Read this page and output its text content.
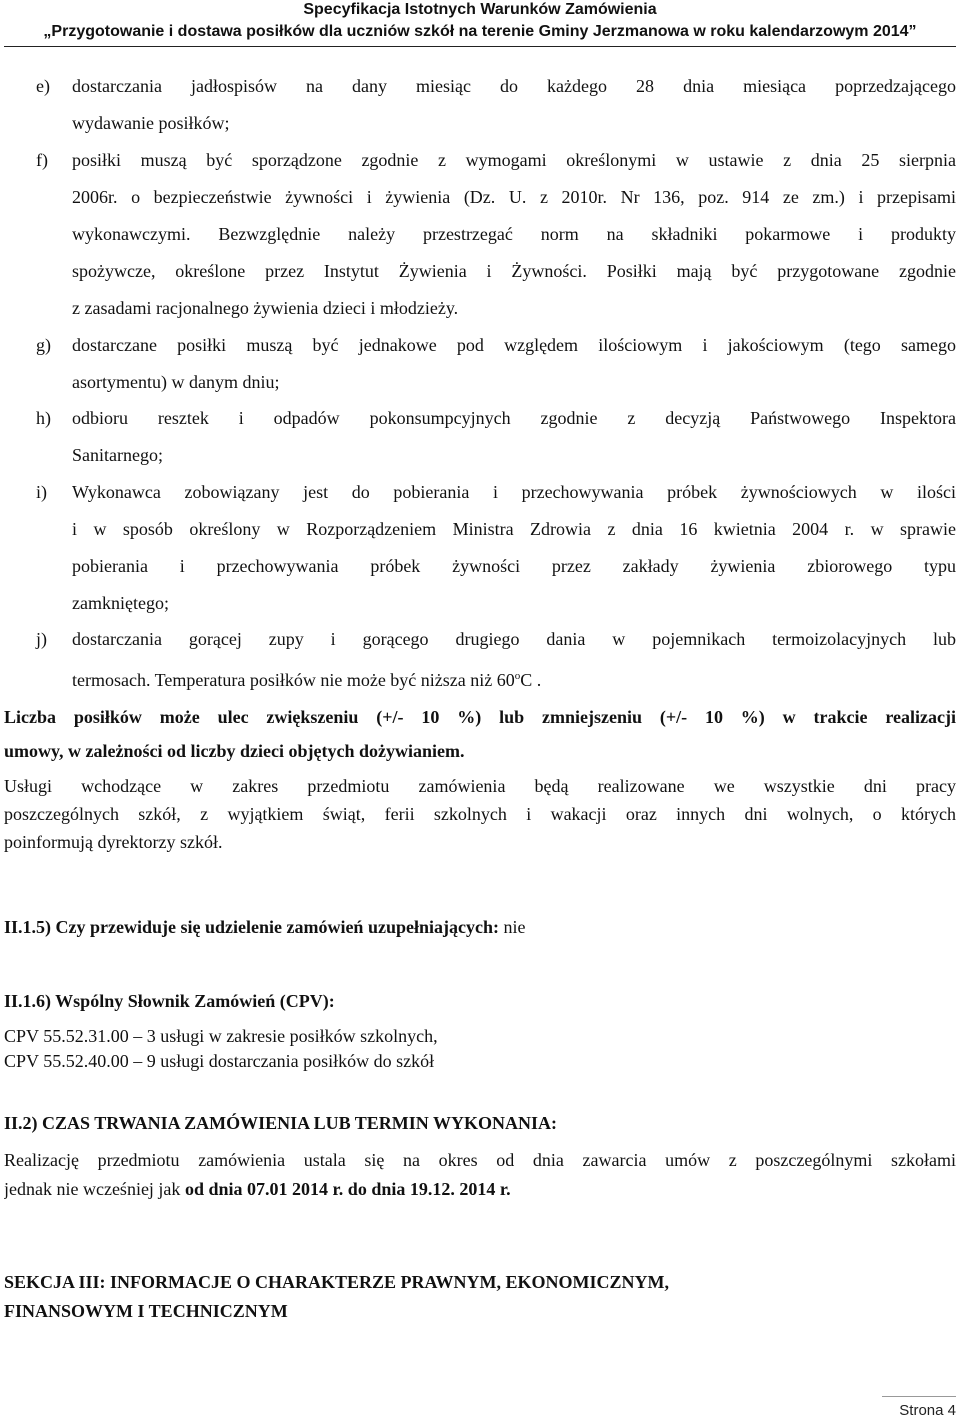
Specyfikacja Istotnych Warunków Zamówienia
„Przygotowanie i dostawa posiłków dla uczniów szkół na terenie Gminy Jerzmanowa w roku kalendarzowym 2014”
e)	dostarczania jadłospisów na dany miesiąc do każdego 28 dnia miesiąca poprzedzającego
wydawanie posiłków;
f)	posiłki muszą być sporządzone zgodnie z wymogami określonymi w ustawie z dnia 25 sierpnia
2006r. o bezpieczeństwie żywności i żywienia (Dz. U. z 2010r. Nr 136, poz. 914 ze zm.) i przepisami
wykonawczymi. Bezwzględnie należy przestrzegać norm na składniki pokarmowe i produkty
spożywcze, określone przez Instytut Żywienia i Żywności. Posiłki mają być przygotowane zgodnie
z zasadami racjonalnego żywienia dzieci i młodzieży.
g)	dostarczane posiłki muszą być jednakowe pod względem ilościowym i jakościowym (tego samego
asortymentu) w danym dniu;
h)	odbioru resztek i odpadów pokonsumpcyjnych zgodnie z decyzją Państwowego Inspektora
Sanitarnego;
i)	Wykonawca zobowiązany jest do pobierania i przechowywania próbek żywnościowych w ilości
i w sposób określony w Rozporządzeniem Ministra Zdrowia z dnia 16 kwietnia 2004 r. w sprawie
pobierania i przechowywania próbek żywności przez zakłady żywienia zbiorowego typu
zamkniętego;
j)	dostarczania gorącej zupy i gorącego drugiego dania w pojemnikach termoizolacyjnych lub
termosach. Temperatura posiłków nie może być niższa niż 60$^o$C .
Liczba posiłków może ulec zwiększeniu (+/- 10 %) lub zmniejszeniu (+/- 10 %) w trakcie realizacji
umowy, w zależności od liczby dzieci objętych dożywianiem.
Usługi wchodzące w zakres przedmiotu zamówienia będą realizowane we wszystkie dni pracy
poszczególnych szkół, z wyjątkiem świąt, ferii szkolnych i wakacji oraz innych dni wolnych, o których
poinformują dyrektorzy szkół.
II.1.5) Czy przewiduje się udzielenie zamówień uzupełniających: nie
II.1.6) Wspólny Słownik Zamówień (CPV):
CPV 55.52.31.00 – 3 usługi w zakresie posiłków szkolnych,
CPV 55.52.40.00 – 9 usługi dostarczania posiłków do szkół
II.2) CZAS TRWANIA ZAMÓWIENIA LUB TERMIN WYKONANIA:
Realizację przedmiotu zamówienia ustala się na okres od dnia zawarcia umów z poszczególnymi szkołami
jednak nie wcześniej jak od dnia 07.01 2014 r. do dnia 19.12. 2014 r.
SEKCJA III: INFORMACJE O CHARAKTERZE PRAWNYM, EKONOMICZNYM,
FINANSOWYM I TECHNICZNYM
Strona 4
